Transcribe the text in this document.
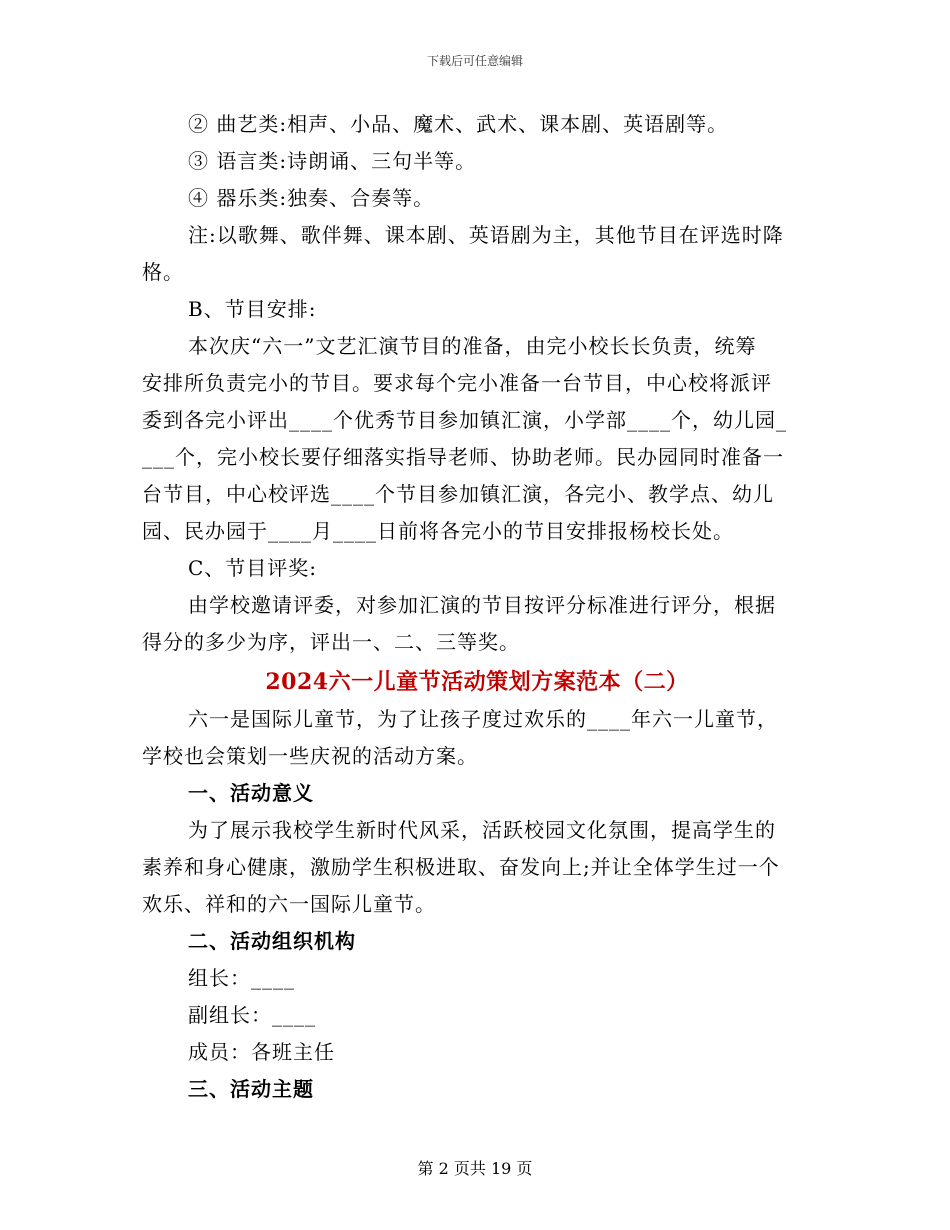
下载后可任意编辑

② 曲艺类:相声、小品、魔术、武术、课本剧、英语剧等。

③ 语言类:诗朗诵、三句半等。

④ 器乐类:独奏、合奏等。

注:以歌舞、歌伴舞、课本剧、英语剧为主，其他节目在评选时降

格。

B、节目安排:

本次庆“六一”文艺汇演节目的准备，由完小校长长负责，统筹

安排所负责完小的节目。要求每个完小准备一台节目，中心校将派评

委到各完小评出____个优秀节目参加镇汇演，小学部____个，幼儿园_

___个，完小校长要仔细落实指导老师、协助老师。民办园同时准备一

台节目，中心校评选____个节目参加镇汇演，各完小、教学点、幼儿

园、民办园于____月____日前将各完小的节目安排报杨校长处。

C、节目评奖:

由学校邀请评委，对参加汇演的节目按评分标准进行评分，根据

得分的多少为序，评出一、二、三等奖。

2024六一儿童节活动策划方案范本（二）

六一是国际儿童节，为了让孩子度过欢乐的____年六一儿童节，

学校也会策划一些庆祝的活动方案。

一、活动意义

为了展示我校学生新时代风采，活跃校园文化氛围，提高学生的

素养和身心健康，激励学生积极进取、奋发向上;并让全体学生过一个

欢乐、祥和的六一国际儿童节。

二、活动组织机构

组长：____

副组长：____

成员：各班主任

三、活动主题

第 2 页共 19 页
